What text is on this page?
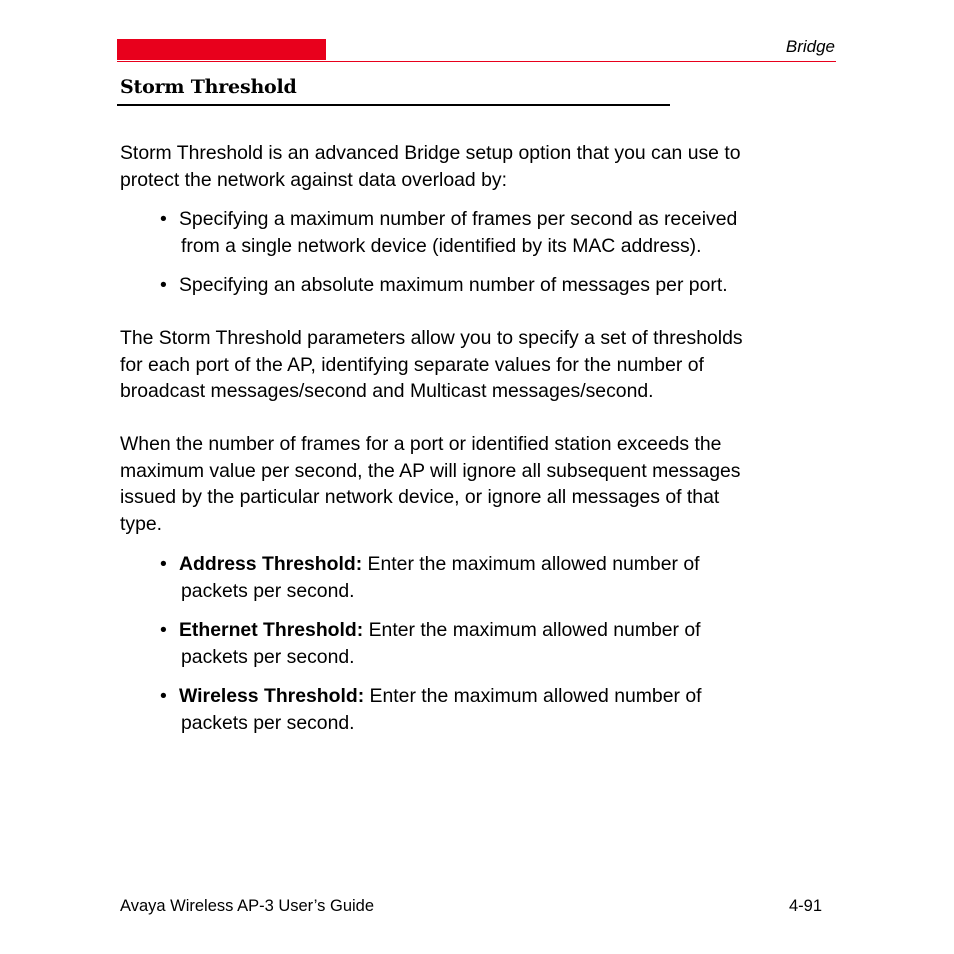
Bridge
Storm Threshold
Storm Threshold is an advanced Bridge setup option that you can use to
protect the network against data overload by:
• Specifying a maximum number of frames per second as received
from a single network device (identified by its MAC address).
• Specifying an absolute maximum number of messages per port.
The Storm Threshold parameters allow you to specify a set of thresholds
for each port of the AP, identifying separate values for the number of
broadcast messages/second and Multicast messages/second.
When the number of frames for a port or identified station exceeds the
maximum value per second, the AP will ignore all subsequent messages
issued by the particular network device, or ignore all messages of that
type.
• Address Threshold: Enter the maximum allowed number of
packets per second.
• Ethernet Threshold: Enter the maximum allowed number of
packets per second.
• Wireless Threshold: Enter the maximum allowed number of
packets per second.
Avaya Wireless AP-3 User’s Guide	4-91
